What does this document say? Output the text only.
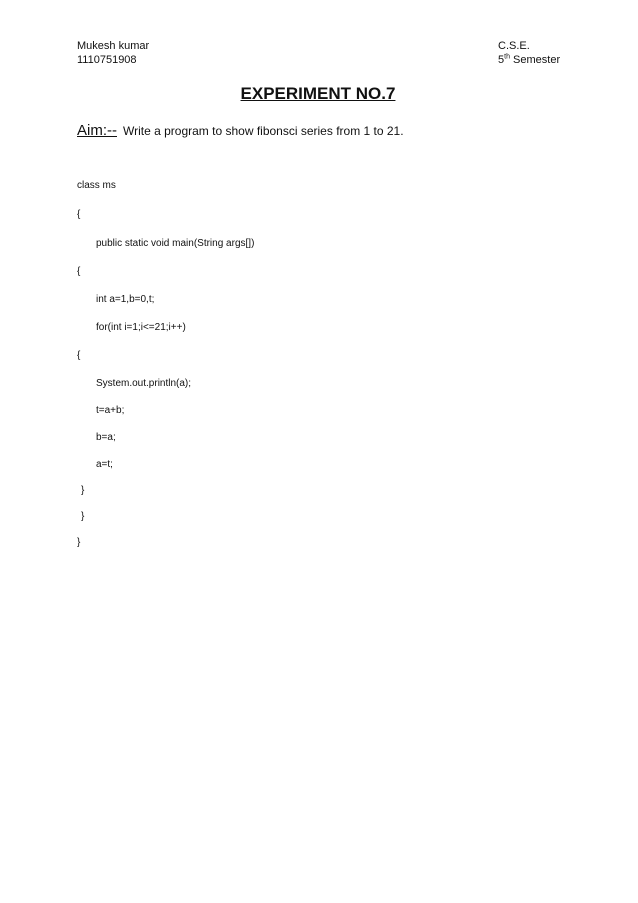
Mukesh kumar
1110751908
C.S.E.
5th Semester
EXPERIMENT NO.7
Aim:-- Write a program to show fibonsci series from 1 to 21.
class ms
{
public static void main(String args[])
{
int a=1,b=0,t;
for(int i=1;i<=21;i++)
{
System.out.println(a);
t=a+b;
b=a;
a=t;
}
}
}
